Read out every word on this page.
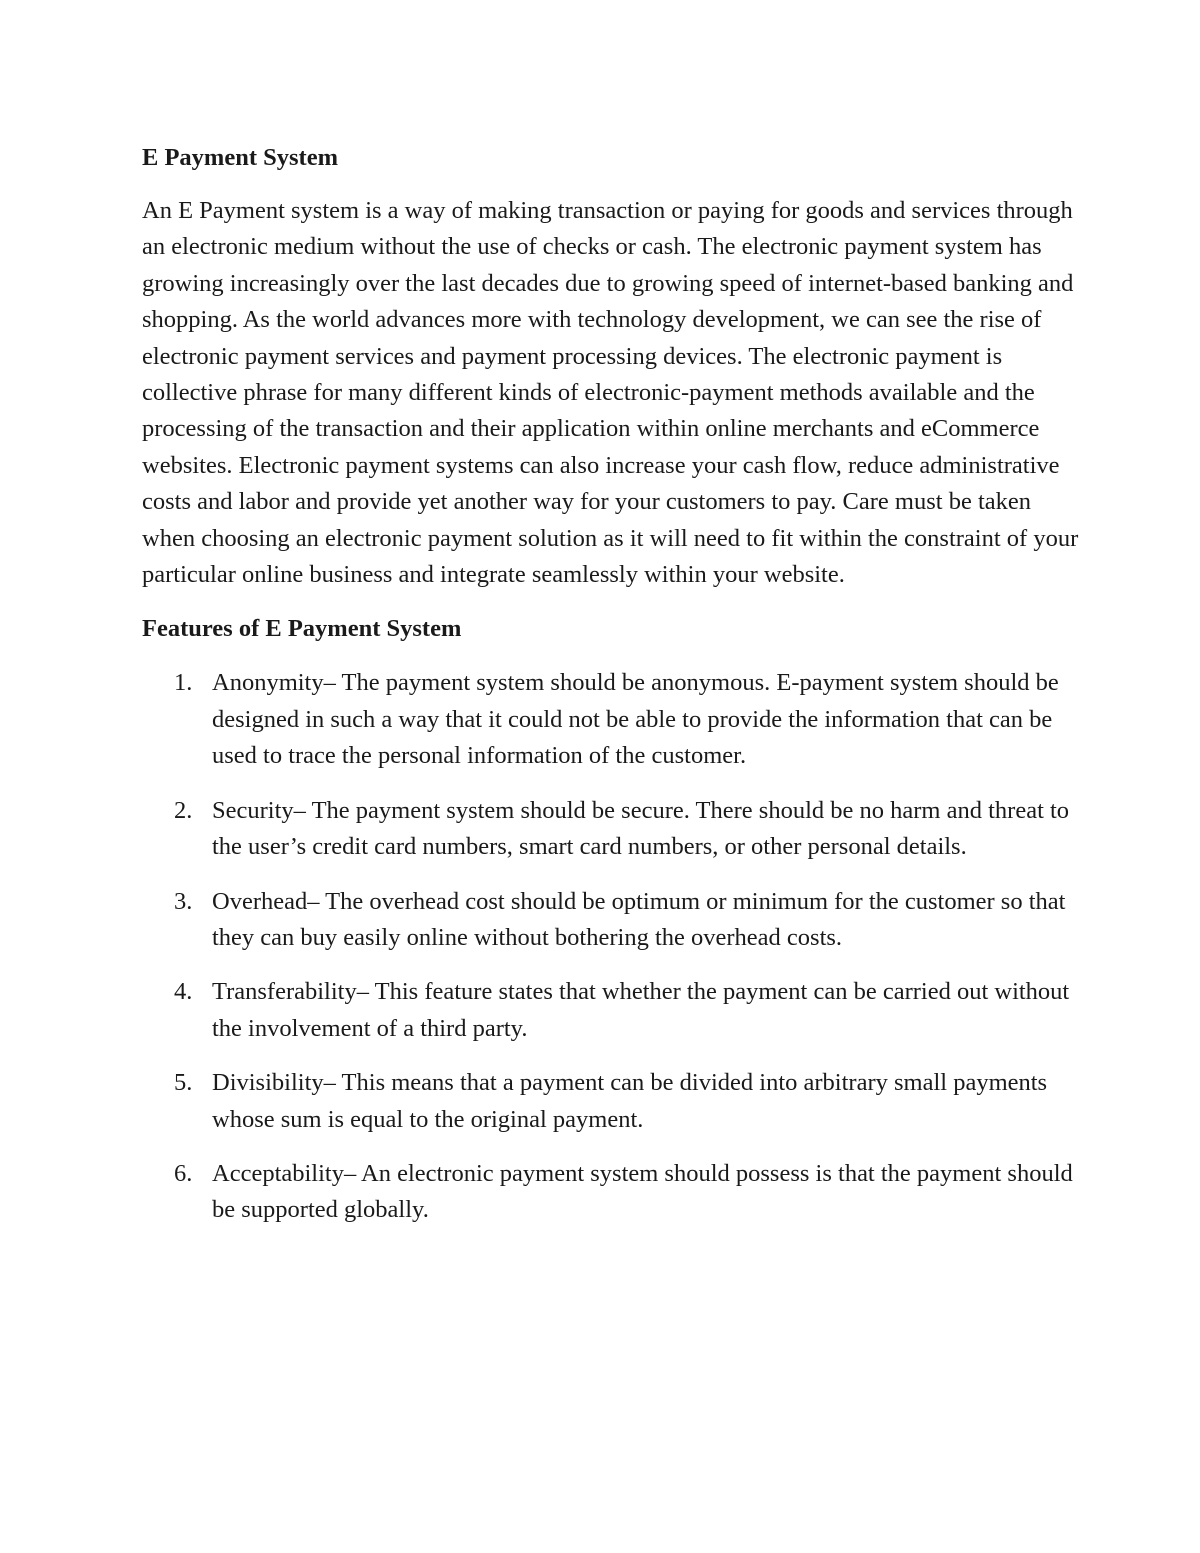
E Payment System

An E Payment system is a way of making transaction or paying for goods and services through an electronic medium without the use of checks or cash. The electronic payment system has growing increasingly over the last decades due to growing speed of internet-based banking and shopping. As the world advances more with technology development, we can see the rise of electronic payment services and payment processing devices. The electronic payment is collective phrase for many different kinds of electronic-payment methods available and the processing of the transaction and their application within online merchants and eCommerce websites. Electronic payment systems can also increase your cash flow, reduce administrative costs and labor and provide yet another way for your customers to pay. Care must be taken when choosing an electronic payment solution as it will need to fit within the constraint of your particular online business and integrate seamlessly within your website.

Features of E Payment System
1. Anonymity– The payment system should be anonymous. E-payment system should be designed in such a way that it could not be able to provide the information that can be used to trace the personal information of the customer.
2. Security– The payment system should be secure. There should be no harm and threat to the user’s credit card numbers, smart card numbers, or other personal details.
3. Overhead– The overhead cost should be optimum or minimum for the customer so that they can buy easily online without bothering the overhead costs.
4. Transferability– This feature states that whether the payment can be carried out without the involvement of a third party.
5. Divisibility– This means that a payment can be divided into arbitrary small payments whose sum is equal to the original payment.
6. Acceptability– An electronic payment system should possess is that the payment should be supported globally.
